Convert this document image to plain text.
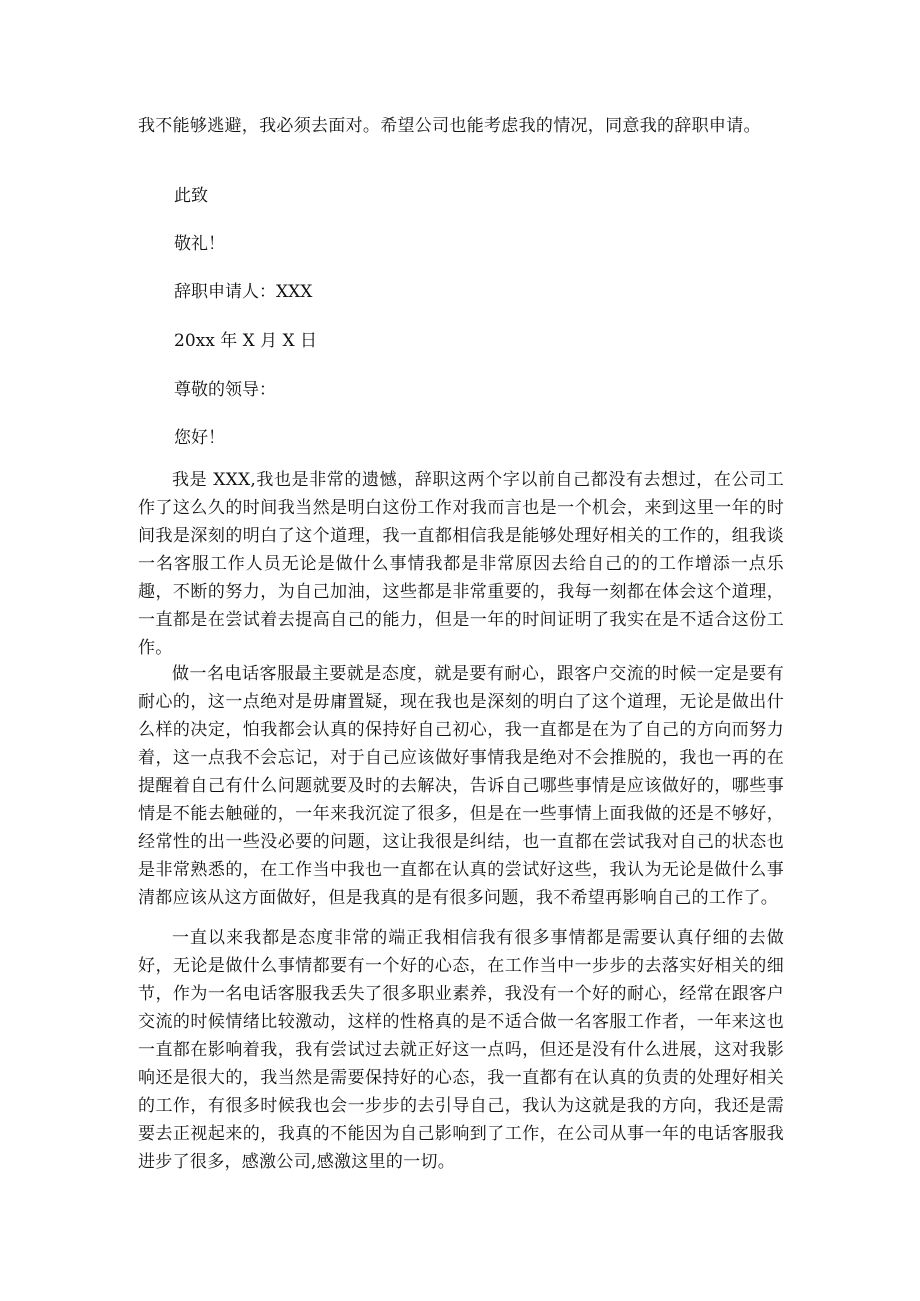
我不能够逃避，我必须去面对。希望公司也能考虑我的情况，同意我的辞职申请。

此致

敬礼！

辞职申请人：XXX

20xx 年 X 月 X 日

尊敬的领导：

您好！

我是 XXX,我也是非常的遗憾，辞职这两个字以前自己都没有去想过，在公司工作了这么久的时间我当然是明白这份工作对我而言也是一个机会，来到这里一年的时间我是深刻的明白了这个道理，我一直都相信我是能够处理好相关的工作的，组我谈一名客服工作人员无论是做什么事情我都是非常原因去给自己的的工作增添一点乐趣，不断的努力，为自己加油，这些都是非常重要的，我每一刻都在体会这个道理，一直都是在尝试着去提高自己的能力，但是一年的时间证明了我实在是不适合这份工作。

做一名电话客服最主要就是态度，就是要有耐心，跟客户交流的时候一定是要有耐心的，这一点绝对是毋庸置疑，现在我也是深刻的明白了这个道理，无论是做出什么样的决定，怕我都会认真的保持好自己初心，我一直都是在为了自己的方向而努力着，这一点我不会忘记，对于自己应该做好事情我是绝对不会推脱的，我也一再的在提醒着自己有什么问题就要及时的去解决，告诉自己哪些事情是应该做好的，哪些事情是不能去触碰的，一年来我沉淀了很多，但是在一些事情上面我做的还是不够好，经常性的出一些没必要的问题，这让我很是纠结，也一直都在尝试我对自己的状态也是非常熟悉的，在工作当中我也一直都在认真的尝试好这些，我认为无论是做什么事清都应该从这方面做好，但是我真的是有很多问题，我不希望再影响自己的工作了。

一直以来我都是态度非常的端正我相信我有很多事情都是需要认真仔细的去做好，无论是做什么事情都要有一个好的心态，在工作当中一步步的去落实好相关的细节，作为一名电话客服我丢失了很多职业素养，我没有一个好的耐心，经常在跟客户交流的时候情绪比较激动，这样的性格真的是不适合做一名客服工作者，一年来这也一直都在影响着我，我有尝试过去就正好这一点吗，但还是没有什么进展，这对我影响还是很大的，我当然是需要保持好的心态，我一直都有在认真的负责的处理好相关的工作，有很多时候我也会一步步的去引导自己，我认为这就是我的方向，我还是需要去正视起来的，我真的不能因为自己影响到了工作，在公司从事一年的电话客服我进步了很多，感激公司,感激这里的一切。
